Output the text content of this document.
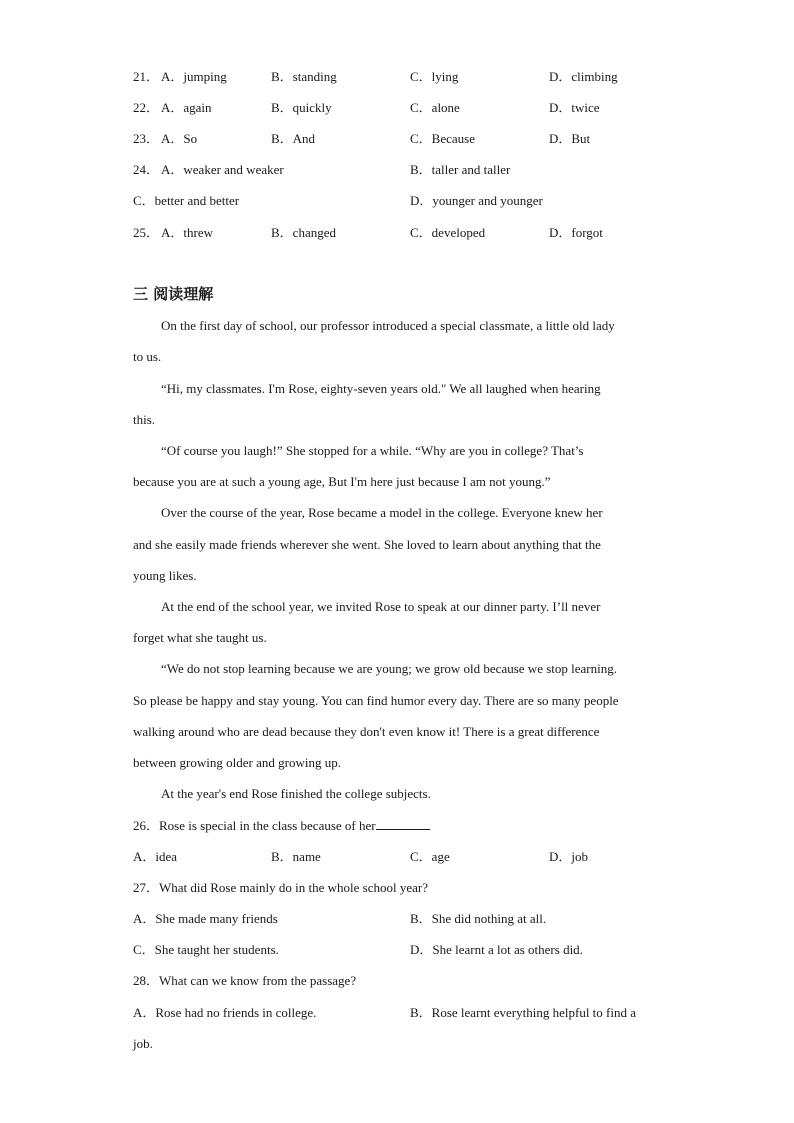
21． A．jumping	B．standing	C．lying	D．climbing
22． A．again	B．quickly	C．alone	D．twice
23． A．So	B．And	C．Because	D．But
24． A．weaker and weaker	B．taller and taller
C．better and better	D．younger and younger
25． A．threw	B．changed	C．developed	D．forgot
三 阅读理解
On the first day of school, our professor introduced a special classmate, a little old lady
to us.
“Hi, my classmates. I'm Rose, eighty-seven years old." We all laughed when hearing
this.
“Of course you laugh!” She stopped for a while. “Why are you in college? That’s
because you are at such a young age, But I'm here just because I am not young.”
Over the course of the year, Rose became a model in the college. Everyone knew her
and she easily made friends wherever she went. She loved to learn about anything that the
young likes.
At the end of the school year, we invited Rose to speak at our dinner party. I’ll never
forget what she taught us.
“We do not stop learning because we are young; we grow old because we stop learning.
So please be happy and stay young. You can find humor every day. There are so many people
walking around who are dead because they don't even know it! There is a great difference
between growing older and growing up.
At the year's end Rose finished the college subjects.
26．Rose is special in the class because of her
A．idea	B．name	C．age	D．job
27．What did Rose mainly do in the whole school year?
A．She made many friends	B．She did nothing at all.
C．She taught her students.	D．She learnt a lot as others did.
28．What can we know from the passage?
A．Rose had no friends in college.	B．Rose learnt everything helpful to find a
job.
